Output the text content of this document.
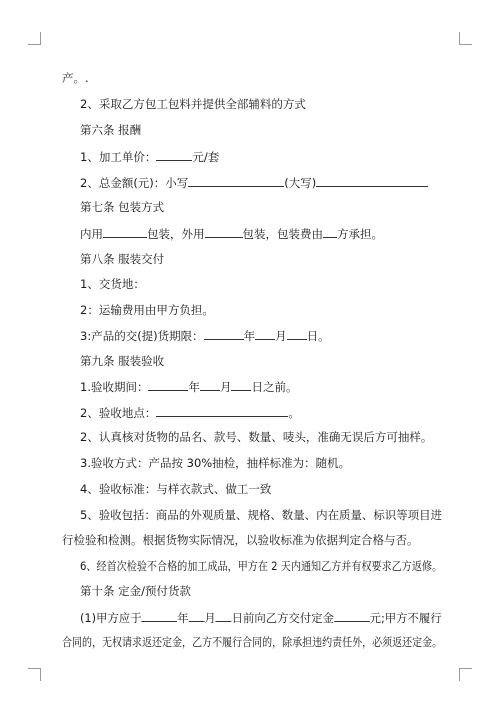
产。.
2、采取乙方包工包料并提供全部辅料的方式
第六条 报酬
1、加工单价：	元/套
2、总金额(元)：小写	(大写)
第七条 包装方式
内用	包装，外用	包装，包装费由 方承担。
第八条 服装交付
1、交货地：
2：运输费用由甲方负担。
3:产品的交(提)货期限：	年 月 日。
第九条 服装验收
1.验收期间：	年 月 日之前。
2、验收地点：	。
2、认真核对货物的品名、款号、数量、唛头，准确无误后方可抽样。
3.验收方式：产品按 30%抽检，抽样标准为：随机。
4、验收标准：与样衣款式、做工一致
5、验收包括：商品的外观质量、规格、数量、内在质量、标识等项目进
行检验和检测。根据货物实际情况，以验收标准为依据判定合格与否。
6、经首次检验不合格的加工成品，甲方在 2 天内通知乙方并有权要求乙方返修。
第十条 定金/预付货款
(1)甲方应于	年 月 日前向乙方交付定金	元;甲方不履行
合同的，无权请求返还定金，乙方不履行合同的，除承担违约责任外，必须返还定金。
